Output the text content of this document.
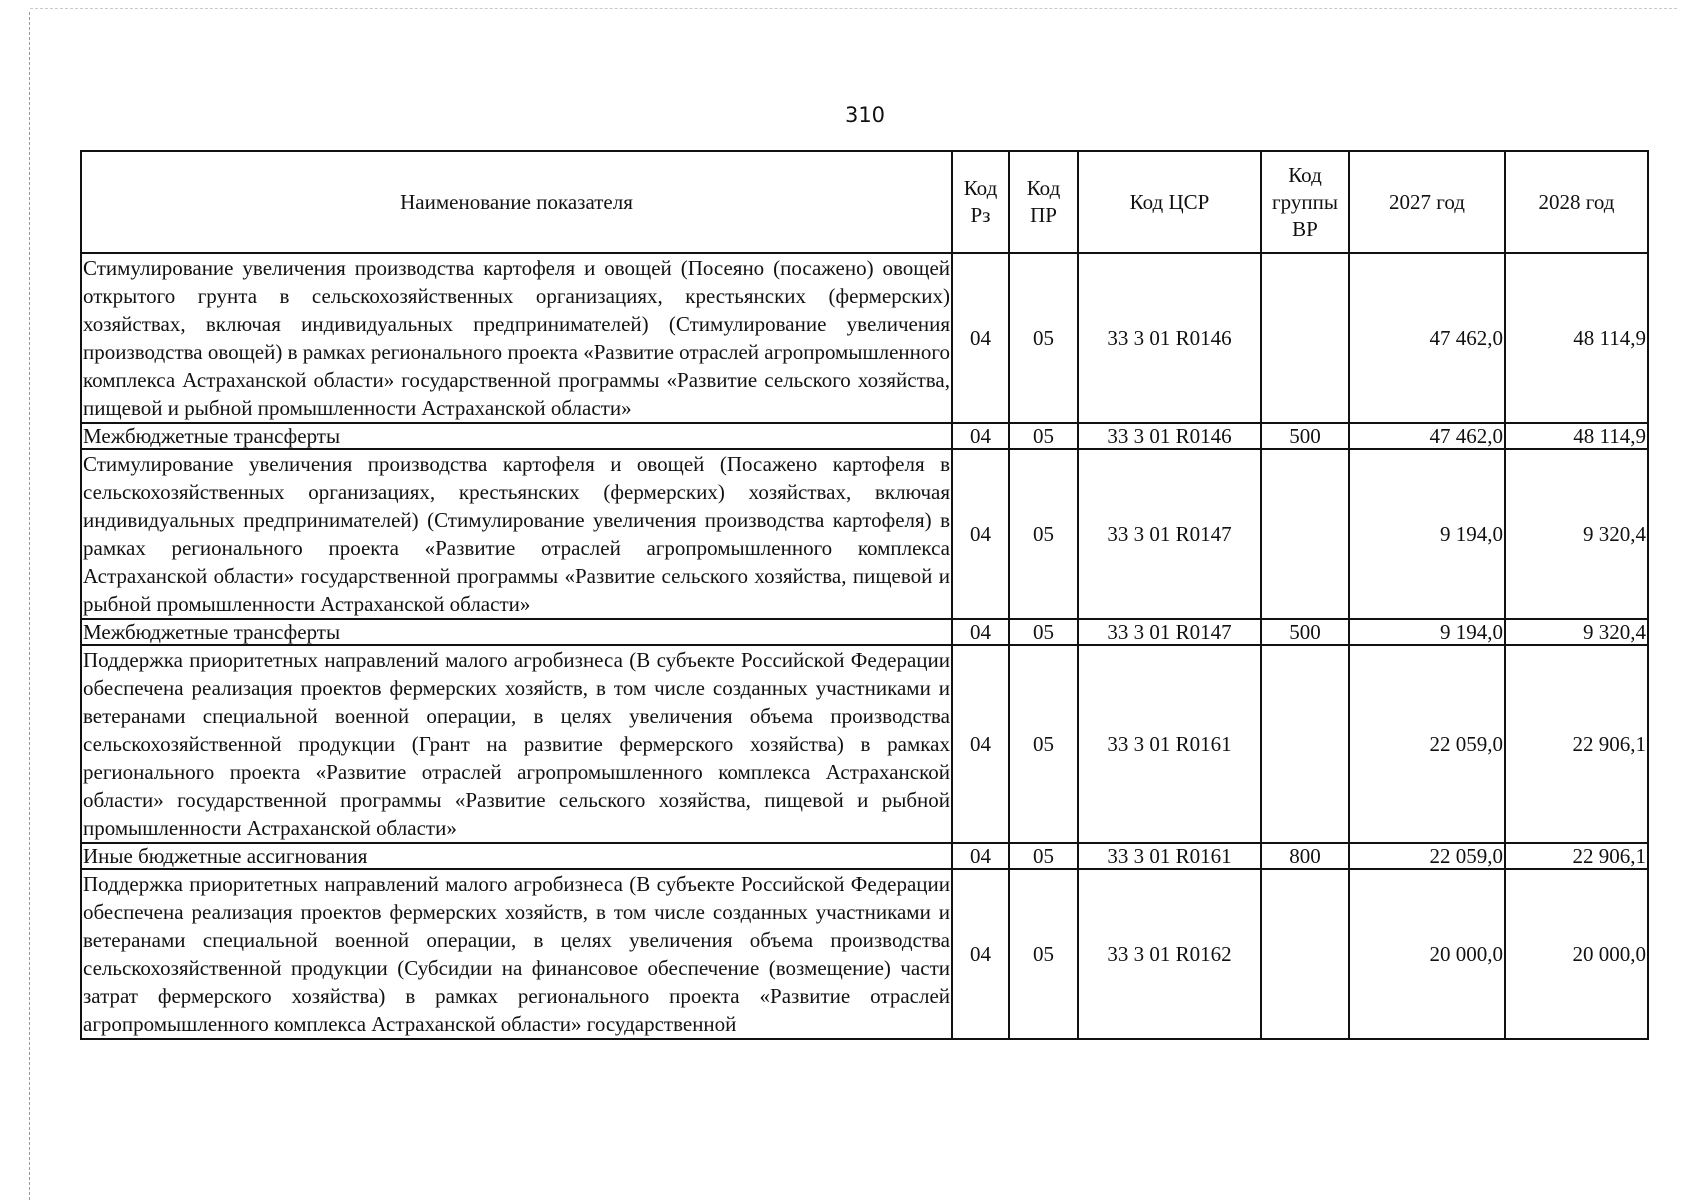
310
Наименование показателя	Код Рз	Код ПР	Код ЦСР	Код группы ВР	2027 год	2028 год
Стимулирование увеличения производства картофеля и овощей (Посеяно (посажено) овощей открытого грунта в сельскохозяйственных организациях, крестьянских (фермерских) хозяйствах, включая индивидуальных предпринимателей) (Стимулирование увеличения производства овощей) в рамках регионального проекта «Развитие отраслей агропромышленного комплекса Астраханской области» государственной программы «Развитие сельского хозяйства, пищевой и рыбной промышленности Астраханской области»	04	05	33 3 01 R0146		47 462,0	48 114,9
Межбюджетные трансферты	04	05	33 3 01 R0146	500	47 462,0	48 114,9
Стимулирование увеличения производства картофеля и овощей (Посажено картофеля в сельскохозяйственных организациях, крестьянских (фермерских) хозяйствах, включая индивидуальных предпринимателей) (Стимулирование увеличения производства картофеля) в рамках регионального проекта «Развитие отраслей агропромышленного комплекса Астраханской области» государственной программы «Развитие сельского хозяйства, пищевой и рыбной промышленности Астраханской области»	04	05	33 3 01 R0147		9 194,0	9 320,4
Межбюджетные трансферты	04	05	33 3 01 R0147	500	9 194,0	9 320,4
Поддержка приоритетных направлений малого агробизнеса (В субъекте Российской Федерации обеспечена реализация проектов фермерских хозяйств, в том числе созданных участниками и ветеранами специальной военной операции, в целях увеличения объема производства сельскохозяйственной продукции (Грант на развитие фермерского хозяйства) в рамках регионального проекта «Развитие отраслей агропромышленного комплекса Астраханской области» государственной программы «Развитие сельского хозяйства, пищевой и рыбной промышленности Астраханской области»	04	05	33 3 01 R0161		22 059,0	22 906,1
Иные бюджетные ассигнования	04	05	33 3 01 R0161	800	22 059,0	22 906,1
Поддержка приоритетных направлений малого агробизнеса (В субъекте Российской Федерации обеспечена реализация проектов фермерских хозяйств, в том числе созданных участниками и ветеранами специальной военной операции, в целях увеличения объема производства сельскохозяйственной продукции (Субсидии на финансовое обеспечение (возмещение) части затрат фермерского хозяйства) в рамках регионального проекта «Развитие отраслей агропромышленного комплекса Астраханской области» государственной	04	05	33 3 01 R0162		20 000,0	20 000,0
